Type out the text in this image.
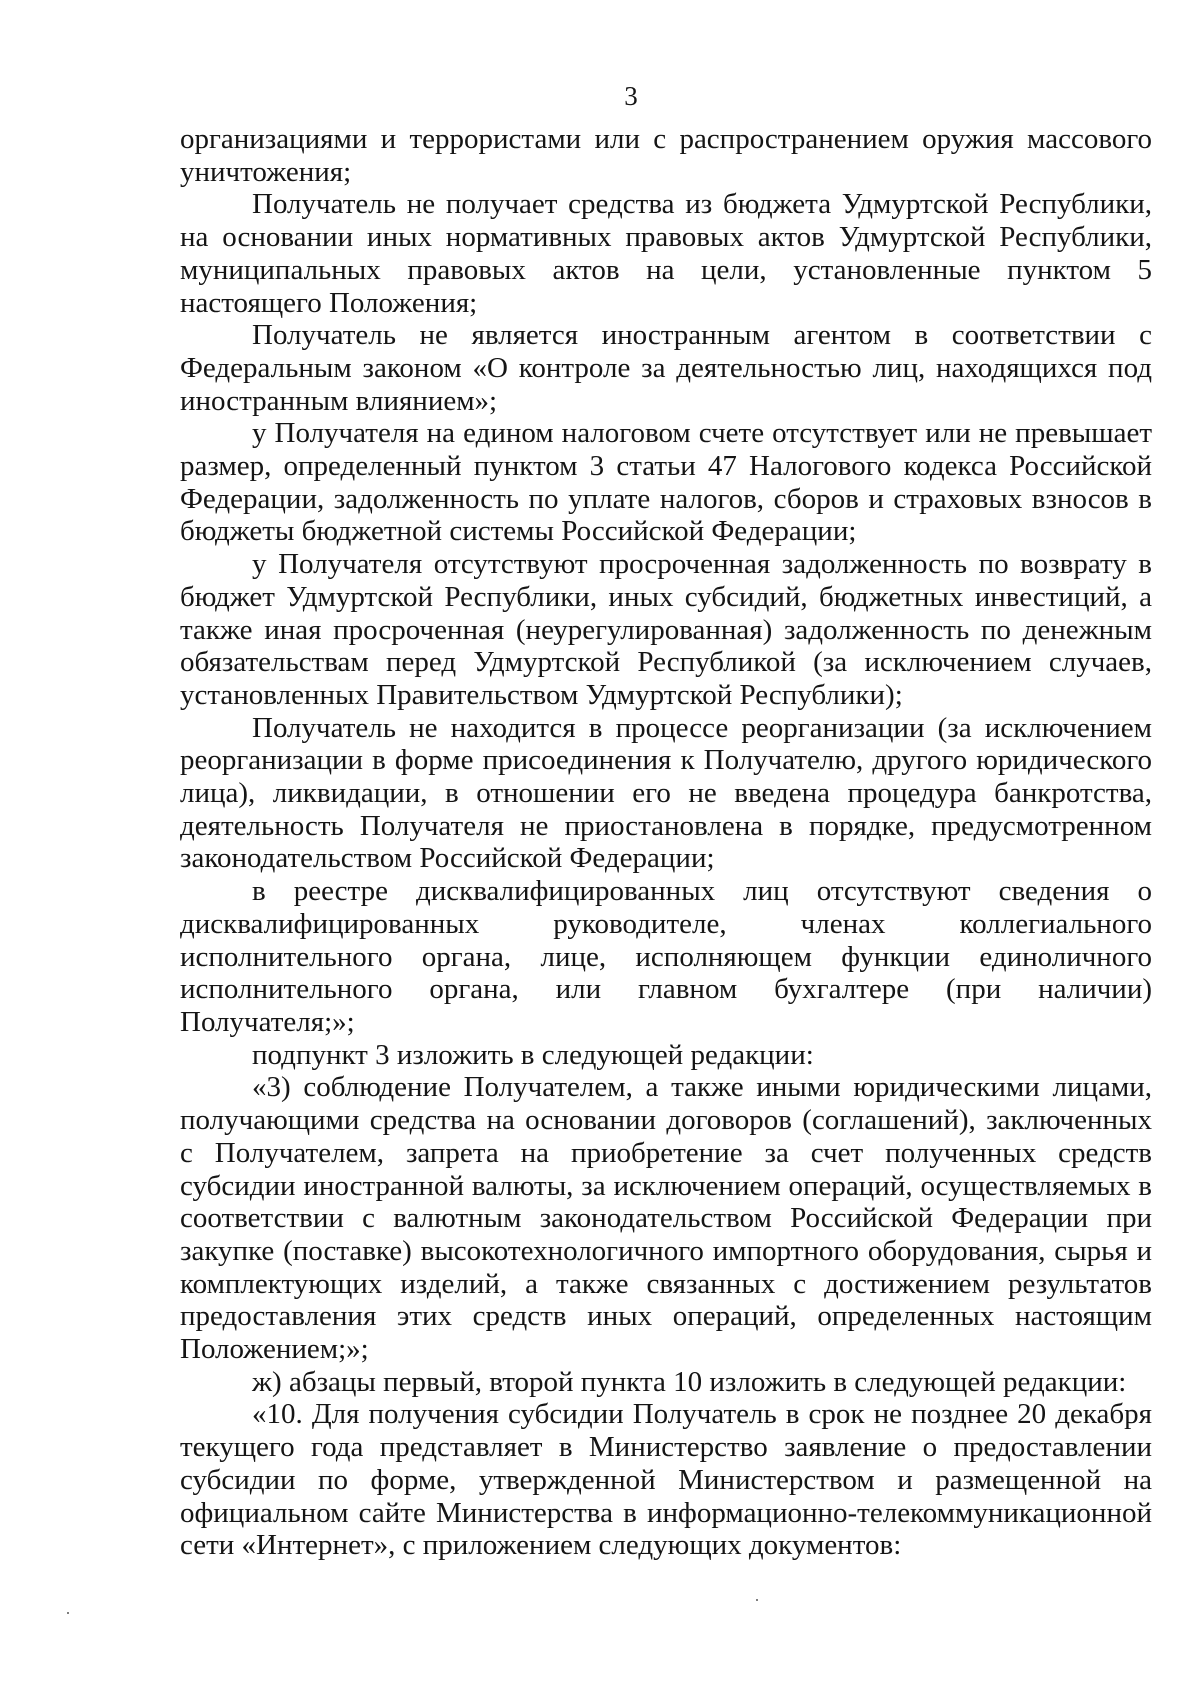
3

организациями и террористами или с распространением оружия массового уничтожения;

Получатель не получает средства из бюджета Удмуртской Республики, на основании иных нормативных правовых актов Удмуртской Республики, муниципальных правовых актов на цели, установленные пунктом 5 настоящего Положения;

Получатель не является иностранным агентом в соответствии с Федеральным законом «О контроле за деятельностью лиц, находящихся под иностранным влиянием»;

у Получателя на едином налоговом счете отсутствует или не превышает размер, определенный пунктом 3 статьи 47 Налогового кодекса Российской Федерации, задолженность по уплате налогов, сборов и страховых взносов в бюджеты бюджетной системы Российской Федерации;

у Получателя отсутствуют просроченная задолженность по возврату в бюджет Удмуртской Республики, иных субсидий, бюджетных инвестиций, а также иная просроченная (неурегулированная) задолженность по денежным обязательствам перед Удмуртской Республикой (за исключением случаев, установленных Правительством Удмуртской Республики);

Получатель не находится в процессе реорганизации (за исключением реорганизации в форме присоединения к Получателю, другого юридического лица), ликвидации, в отношении его не введена процедура банкротства, деятельность Получателя не приостановлена в порядке, предусмотренном законодательством Российской Федерации;

в реестре дисквалифицированных лиц отсутствуют сведения о дисквалифицированных руководителе, членах коллегиального исполнительного органа, лице, исполняющем функции единоличного исполнительного органа, или главном бухгалтере (при наличии) Получателя;»;

подпункт 3 изложить в следующей редакции:

«3) соблюдение Получателем, а также иными юридическими лицами, получающими средства на основании договоров (соглашений), заключенных с Получателем, запрета на приобретение за счет полученных средств субсидии иностранной валюты, за исключением операций, осуществляемых в соответствии с валютным законодательством Российской Федерации при закупке (поставке) высокотехнологичного импортного оборудования, сырья и комплектующих изделий, а также связанных с достижением результатов предоставления этих средств иных операций, определенных настоящим Положением;»;

ж) абзацы первый, второй пункта 10 изложить в следующей редакции:

«10. Для получения субсидии Получатель в срок не позднее 20 декабря текущего года представляет в Министерство заявление о предоставлении субсидии по форме, утвержденной Министерством и размещенной на официальном сайте Министерства в информационно-телекоммуникационной сети «Интернет», с приложением следующих документов:
